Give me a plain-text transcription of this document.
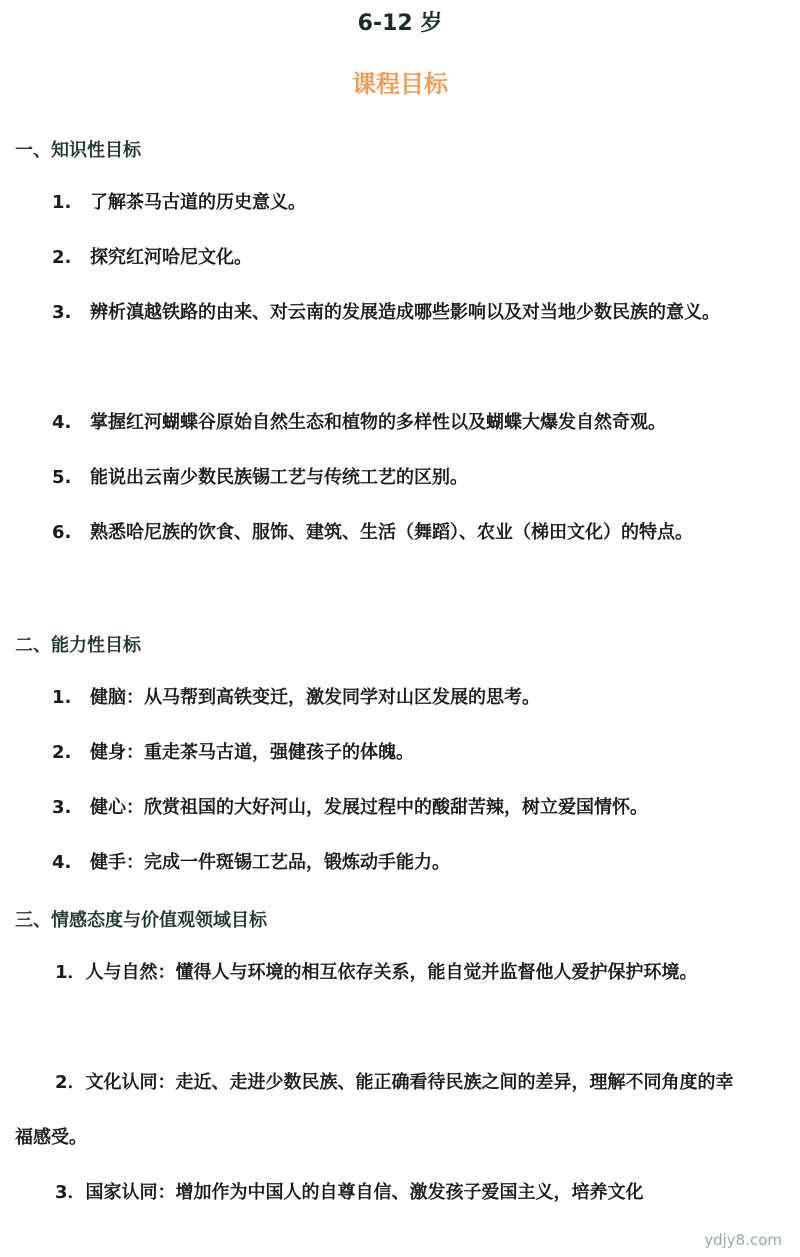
6-12 岁
课程目标
一、知识性目标
1.	了解茶马古道的历史意义。
2.	探究红河哈尼文化。
3.	辨析滇越铁路的由来、对云南的发展造成哪些影响以及对当地少数民族的意义。
4.	掌握红河蝴蝶谷原始自然生态和植物的多样性以及蝴蝶大爆发自然奇观。
5.	能说出云南少数民族锡工艺与传统工艺的区别。
6.	熟悉哈尼族的饮食、服饰、建筑、生活（舞蹈）、农业（梯田文化）的特点。
二、能力性目标
1.	健脑：从马帮到高铁变迁，激发同学对山区发展的思考。
2.	健身：重走茶马古道，强健孩子的体魄。
3.	健心：欣赏祖国的大好河山，发展过程中的酸甜苦辣，树立爱国情怀。
4.	健手：完成一件斑锡工艺品，锻炼动手能力。
三、情感态度与价值观领域目标
1．人与自然：懂得人与环境的相互依存关系，能自觉并监督他人爱护保护环境。
2．文化认同：走近、走进少数民族、能正确看待民族之间的差异，理解不同角度的幸福感受。
3．国家认同：增加作为中国人的自尊自信、激发孩子爱国主义，培养文化
ydjy8.com
